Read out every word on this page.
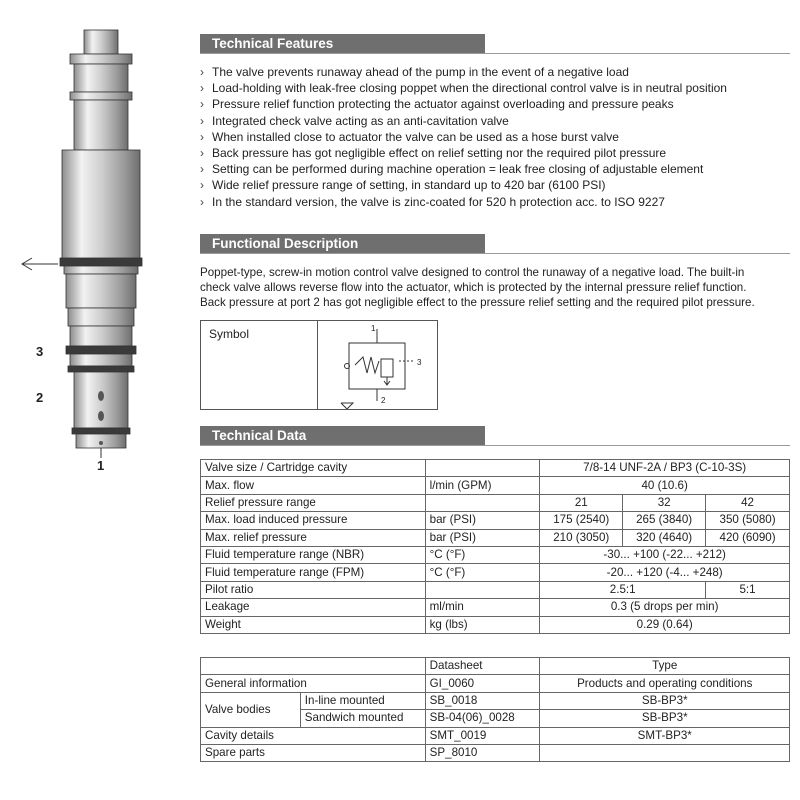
3
2
1
Technical Features
› The valve prevents runaway ahead of the pump in the event of a negative load
› Load-holding with leak-free closing poppet when the directional control valve is in neutral position
› Pressure relief function protecting the actuator against overloading and pressure peaks
› Integrated check valve acting as an anti-cavitation valve
› When installed close to actuator the valve can be used as a hose burst valve
› Back pressure has got negligible effect on relief setting nor the required pilot pressure
› Setting can be performed during machine operation = leak free closing of adjustable element
› Wide relief pressure range of setting, in standard up to 420 bar (6100 PSI)
› In the standard version, the valve is zinc-coated for 520 h protection acc. to ISO 9227
Functional Description
Poppet-type, screw-in motion control valve designed to control the runaway of a negative load. The built-in
check valve allows reverse flow into the actuator, which is protected by the internal pressure relief function.
Back pressure at port 2 has got negligible effect to the pressure relief setting and the required pilot pressure.
Symbol	1
2
3
Technical Data
Valve size / Cartridge cavity		7/8-14 UNF-2A / BP3 (C-10-3S)		
Max. flow	l/min (GPM)	40 (10.6)		
Relief pressure range		21	32	42
Max. load induced pressure	bar (PSI)	175 (2540)	265 (3840)	350 (5080)
Max. relief pressure	bar (PSI)	210 (3050)	320 (4640)	420 (6090)
Fluid temperature range (NBR)	°C (°F)	-30... +100 (-22... +212)		
Fluid temperature range (FPM)	°C (°F)	-20... +120 (-4... +248)		
Pilot ratio		2.5:1		5:1
Leakage	ml/min	0.3 (5 drops per min)		
Weight	kg (lbs)	0.29 (0.64)		
		Datasheet	Type
General information		GI_0060	Products and operating conditions
Valve bodies	In-line mounted	SB_0018	SB-BP3*
	Sandwich mounted	SB-04(06)_0028	SB-BP3*
Cavity details		SMT_0019	SMT-BP3*
Spare parts		SP_8010	
